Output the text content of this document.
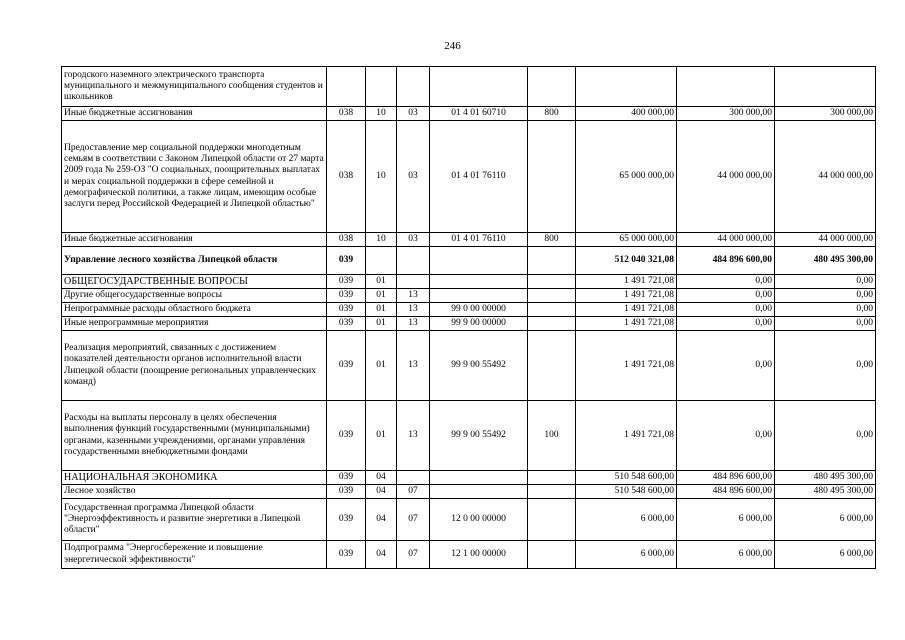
246
городского наземного электрического транспорта муниципального и межмуниципального сообщения студентов и школьников								
Иные бюджетные ассигнования	038	10	03	01 4 01 60710	800	400 000,00	300 000,00	300 000,00
Предоставление мер социальной поддержки многодетным семьям в соответствии с Законом Липецкой области от 27 марта 2009 года № 259-ОЗ "О социальных, поощрительных выплатах и мерах социальной поддержки в сфере семейной и демографической политики, а также лицам, имеющим особые заслуги перед Российской Федерацией и Липецкой областью"	038	10	03	01 4 01 76110		65 000 000,00	44 000 000,00	44 000 000,00
Иные бюджетные ассигнования	038	10	03	01 4 01 76110	800	65 000 000,00	44 000 000,00	44 000 000,00
Управление лесного хозяйства Липецкой области	039					512 040 321,08	484 896 600,00	480 495 300,00
ОБЩЕГОСУДАРСТВЕННЫЕ ВОПРОСЫ	039	01				1 491 721,08	0,00	0,00
Другие общегосударственные вопросы	039	01	13			1 491 721,08	0,00	0,00
Непрограммные расходы областного бюджета	039	01	13	99 0 00 00000		1 491 721,08	0,00	0,00
Иные непрограммные мероприятия	039	01	13	99 9 00 00000		1 491 721,08	0,00	0,00
Реализация мероприятий, связанных с достижением показателей деятельности органов исполнительной власти Липецкой области (поощрение региональных управленческих команд)	039	01	13	99 9 00 55492		1 491 721,08	0,00	0,00
Расходы на выплаты персоналу в целях обеспечения выполнения функций государственными (муниципальными) органами, казенными учреждениями, органами управления государственными внебюджетными фондами	039	01	13	99 9 00 55492	100	1 491 721,08	0,00	0,00
НАЦИОНАЛЬНАЯ ЭКОНОМИКА	039	04				510 548 600,00	484 896 600,00	480 495 300,00
Лесное хозяйство	039	04	07			510 548 600,00	484 896 600,00	480 495 300,00
Государственная программа Липецкой области "Энергоэффективность и развитие энергетики в Липецкой области"	039	04	07	12 0 00 00000		6 000,00	6 000,00	6 000,00
Подпрограмма "Энергосбережение и повышение энергетической эффективности"	039	04	07	12 1 00 00000		6 000,00	6 000,00	6 000,00
